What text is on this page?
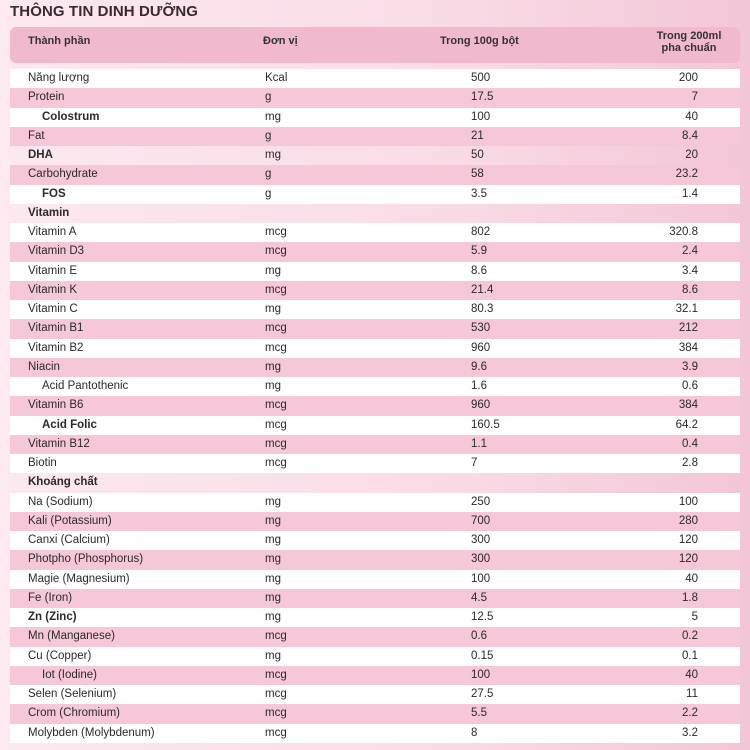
THÔNG TIN DINH DƯỠNG
Thành phần	Đơn vị	Trong 100g bột	Trong 200ml
pha chuẩn
Năng lượng	Kcal	500	200
Protein	g	17.5	7
Colostrum	mg	100	40
Fat	g	21	8.4
DHA	mg	50	20
Carbohydrate	g	58	23.2
FOS	g	3.5	1.4
Vitamin
Vitamin A	mcg	802	320.8
Vitamin D3	mcg	5.9	2.4
Vitamin E	mg	8.6	3.4
Vitamin K	mcg	21.4	8.6
Vitamin C	mg	80.3	32.1
Vitamin B1	mcg	530	212
Vitamin B2	mcg	960	384
Niacin	mg	9.6	3.9
Acid Pantothenic	mg	1.6	0.6
Vitamin B6	mcg	960	384
Acid Folic	mcg	160.5	64.2
Vitamin B12	mcg	1.1	0.4
Biotin	mcg	7	2.8
Khoáng chất
Na (Sodium)	mg	250	100
Kali (Potassium)	mg	700	280
Canxi (Calcium)	mg	300	120
Photpho (Phosphorus)	mg	300	120
Magie (Magnesium)	mg	100	40
Fe (Iron)	mg	4.5	1.8
Zn (Zinc)	mg	12.5	5
Mn (Manganese)	mcg	0.6	0.2
Cu (Copper)	mg	0.15	0.1
Iot (Iodine)	mcg	100	40
Selen (Selenium)	mcg	27.5	11
Crom (Chromium)	mcg	5.5	2.2
Molybden (Molybdenum)	mcg	8	3.2
